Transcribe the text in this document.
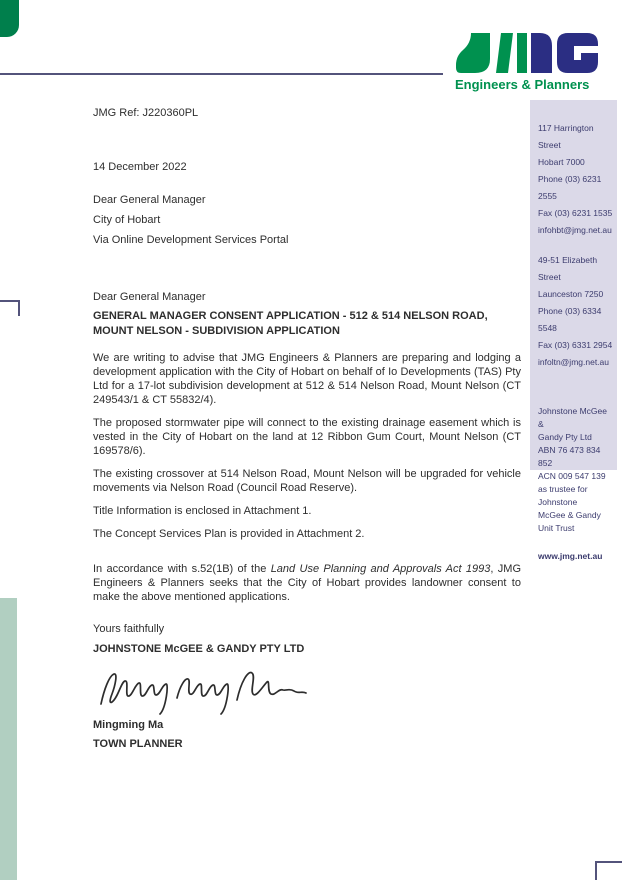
Engineers & Planners
117 Harrington Street
Hobart 7000
Phone (03) 6231 2555
Fax (03) 6231 1535
infohbt@jmg.net.au
49-51 Elizabeth Street
Launceston 7250
Phone (03) 6334 5548
Fax (03) 6331 2954
infoltn@jmg.net.au
Johnstone McGee &
Gandy Pty Ltd
ABN 76 473 834 852
ACN 009 547 139
as trustee for Johnstone
McGee & Gandy
Unit Trust
www.jmg.net.au
JMG Ref: J220360PL
14 December 2022
Dear General Manager
City of Hobart
Via Online Development Services Portal
Dear General Manager
GENERAL MANAGER CONSENT APPLICATION - 512 & 514 NELSON ROAD, MOUNT NELSON - SUBDIVISION APPLICATION

We are writing to advise that JMG Engineers & Planners are preparing and lodging a development application with the City of Hobart on behalf of Io Developments (TAS) Pty Ltd for a 17-lot subdivision development at 512 & 514 Nelson Road, Mount Nelson (CT 249543/1 & CT 55832/4).

The proposed stormwater pipe will connect to the existing drainage easement which is vested in the City of Hobart on the land at 12 Ribbon Gum Court, Mount Nelson (CT 169578/6).

The existing crossover at 514 Nelson Road, Mount Nelson will be upgraded for vehicle movements via Nelson Road (Council Road Reserve).

Title Information is enclosed in Attachment 1.

The Concept Services Plan is provided in Attachment 2.

In accordance with s.52(1B) of the Land Use Planning and Approvals Act 1993, JMG Engineers & Planners seeks that the City of Hobart provides landowner consent to make the above mentioned applications.

Yours faithfully
JOHNSTONE McGEE & GANDY PTY LTD
Mingming Ma
TOWN PLANNER
